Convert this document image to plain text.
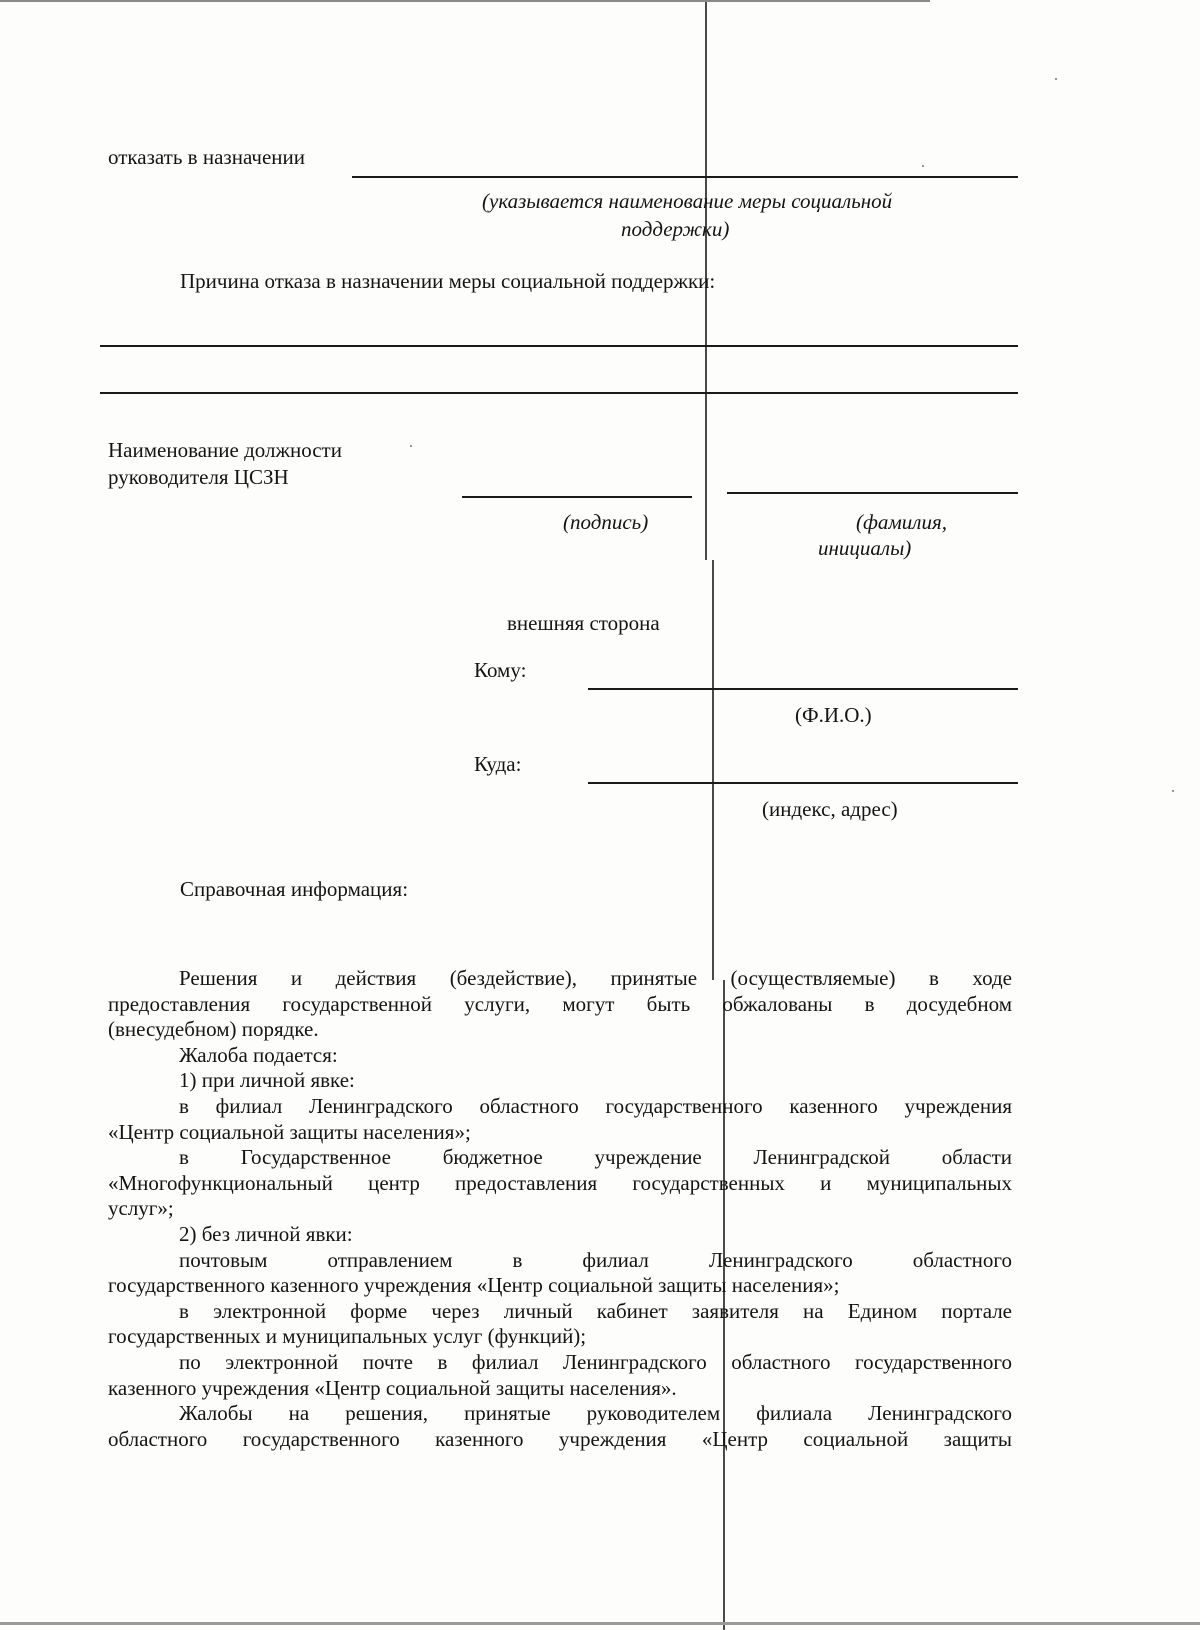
отказать в назначении
(указывается наименование меры социальной
поддержки)
Причина отказа в назначении меры социальной поддержки:
Наименование должности
руководителя ЦСЗН
(подпись)	(фамилия,
инициалы)
внешняя сторона
Кому:
(Ф.И.О.)
Куда:
(индекс, адрес)
Справочная информация:

Решения и действия (бездействие), принятые (осуществляемые) в ходе

предоставления государственной услуги, могут быть обжалованы в досудебном

(внесудебном) порядке.

Жалоба подается:

1) при личной явке:

в филиал Ленинградского областного государственного казенного учреждения

«Центр социальной защиты населения»;

в Государственное бюджетное учреждение Ленинградской области

«Многофункциональный центр предоставления государственных и муниципальных

услуг»;

2) без личной явки:

почтовым отправлением в филиал Ленинградского областного

государственного казенного учреждения «Центр социальной защиты населения»;

в электронной форме через личный кабинет заявителя на Едином портале

государственных и муниципальных услуг (функций);

по электронной почте в филиал Ленинградского областного государственного

казенного учреждения «Центр социальной защиты населения».

Жалобы на решения, принятые руководителем филиала Ленинградского

областного государственного казенного учреждения «Центр социальной защиты
